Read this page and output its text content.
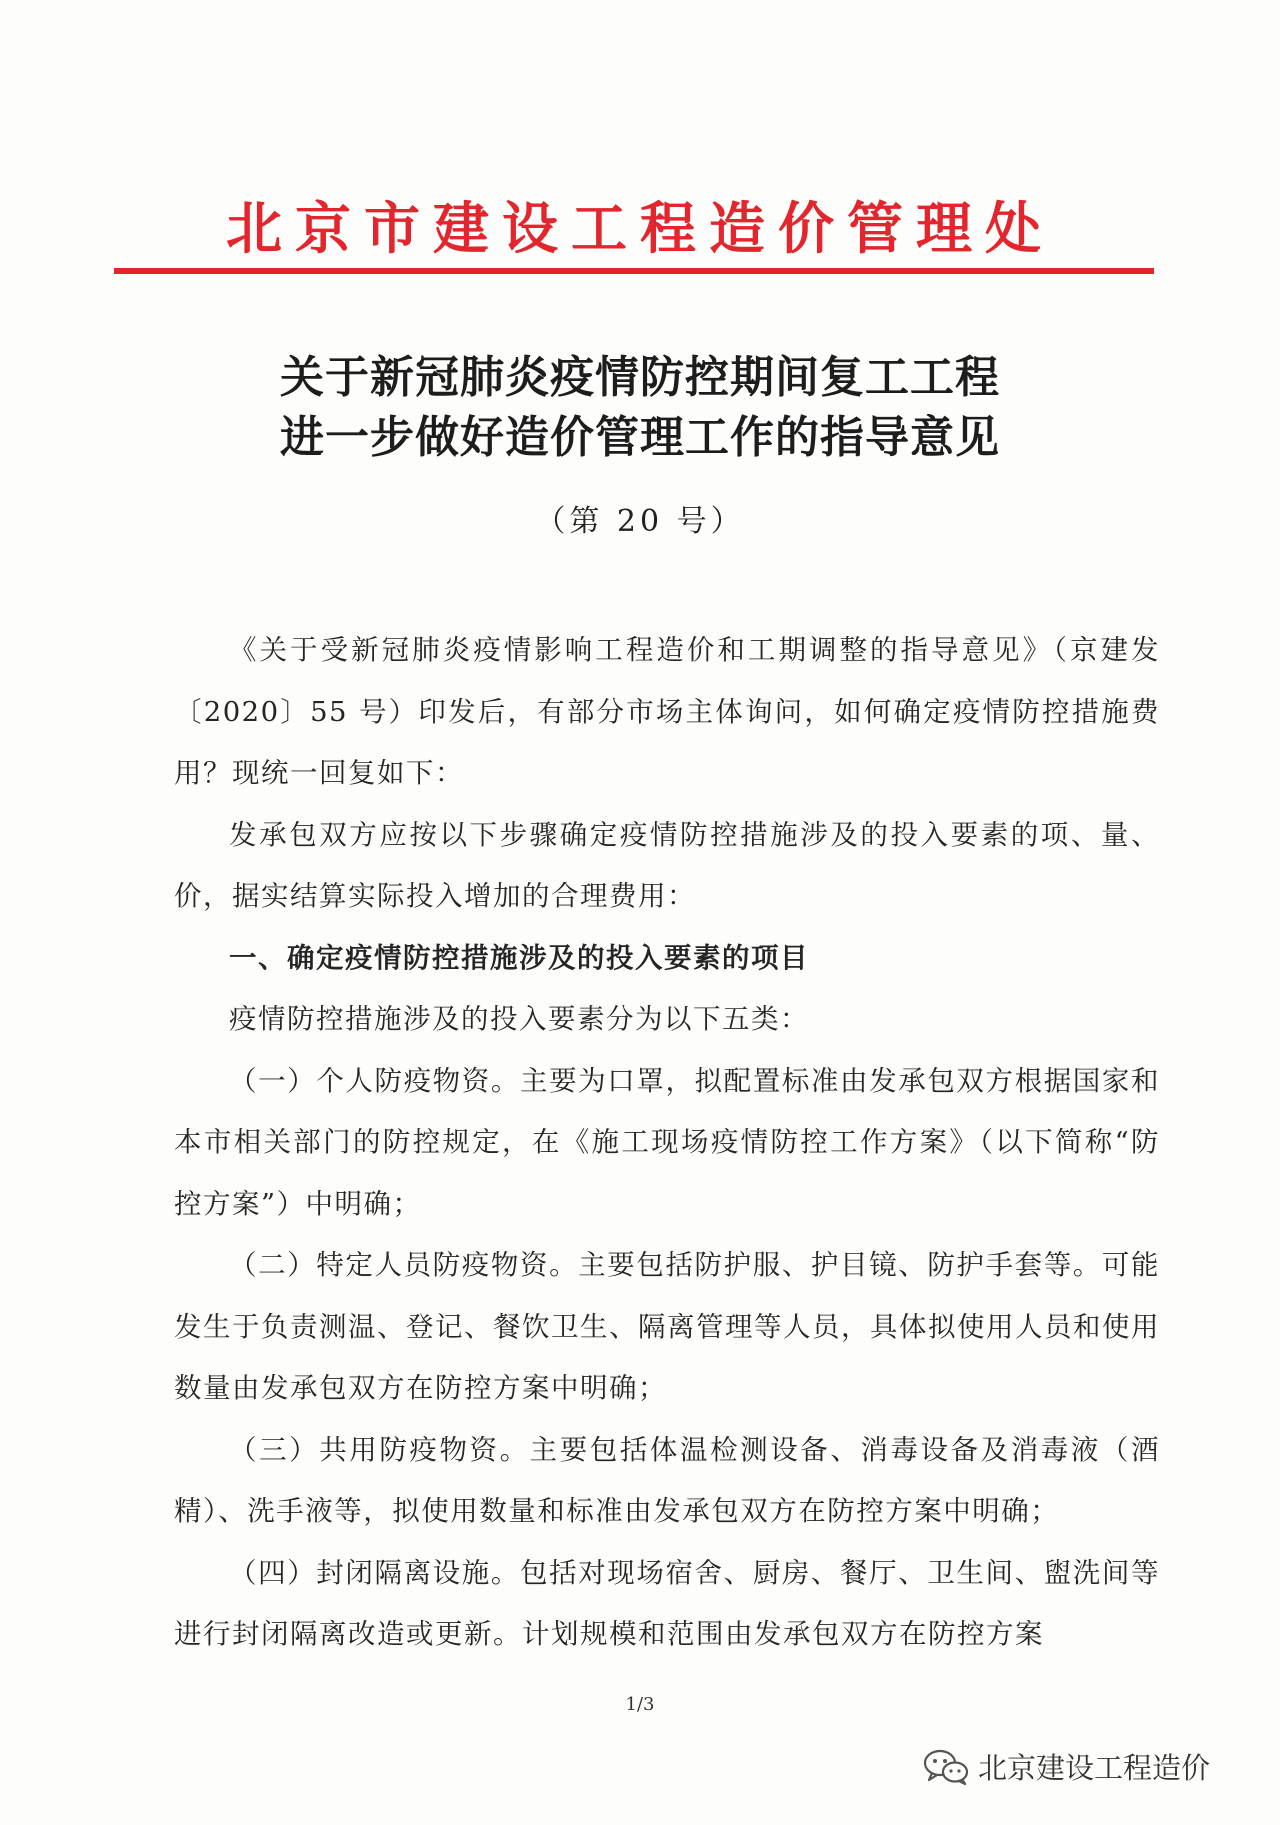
北京市建设工程造价管理处
关于新冠肺炎疫情防控期间复工工程
进一步做好造价管理工作的指导意见
（第 20 号）

《关于受新冠肺炎疫情影响工程造价和工期调整的指导意见》（京建发〔2020〕55 号）印发后，有部分市场主体询问，如何确定疫情防控措施费用？现统一回复如下：

发承包双方应按以下步骤确定疫情防控措施涉及的投入要素的项、量、价，据实结算实际投入增加的合理费用：

一、确定疫情防控措施涉及的投入要素的项目

疫情防控措施涉及的投入要素分为以下五类：

（一）个人防疫物资。主要为口罩，拟配置标准由发承包双方根据国家和本市相关部门的防控规定，在《施工现场疫情防控工作方案》（以下简称“防控方案”）中明确；

（二）特定人员防疫物资。主要包括防护服、护目镜、防护手套等。可能发生于负责测温、登记、餐饮卫生、隔离管理等人员，具体拟使用人员和使用数量由发承包双方在防控方案中明确；

（三）共用防疫物资。主要包括体温检测设备、消毒设备及消毒液（酒精）、洗手液等，拟使用数量和标准由发承包双方在防控方案中明确；

（四）封闭隔离设施。包括对现场宿舍、厨房、餐厅、卫生间、盥洗间等进行封闭隔离改造或更新。计划规模和范围由发承包双方在防控方案

1/3
北京建设工程造价
